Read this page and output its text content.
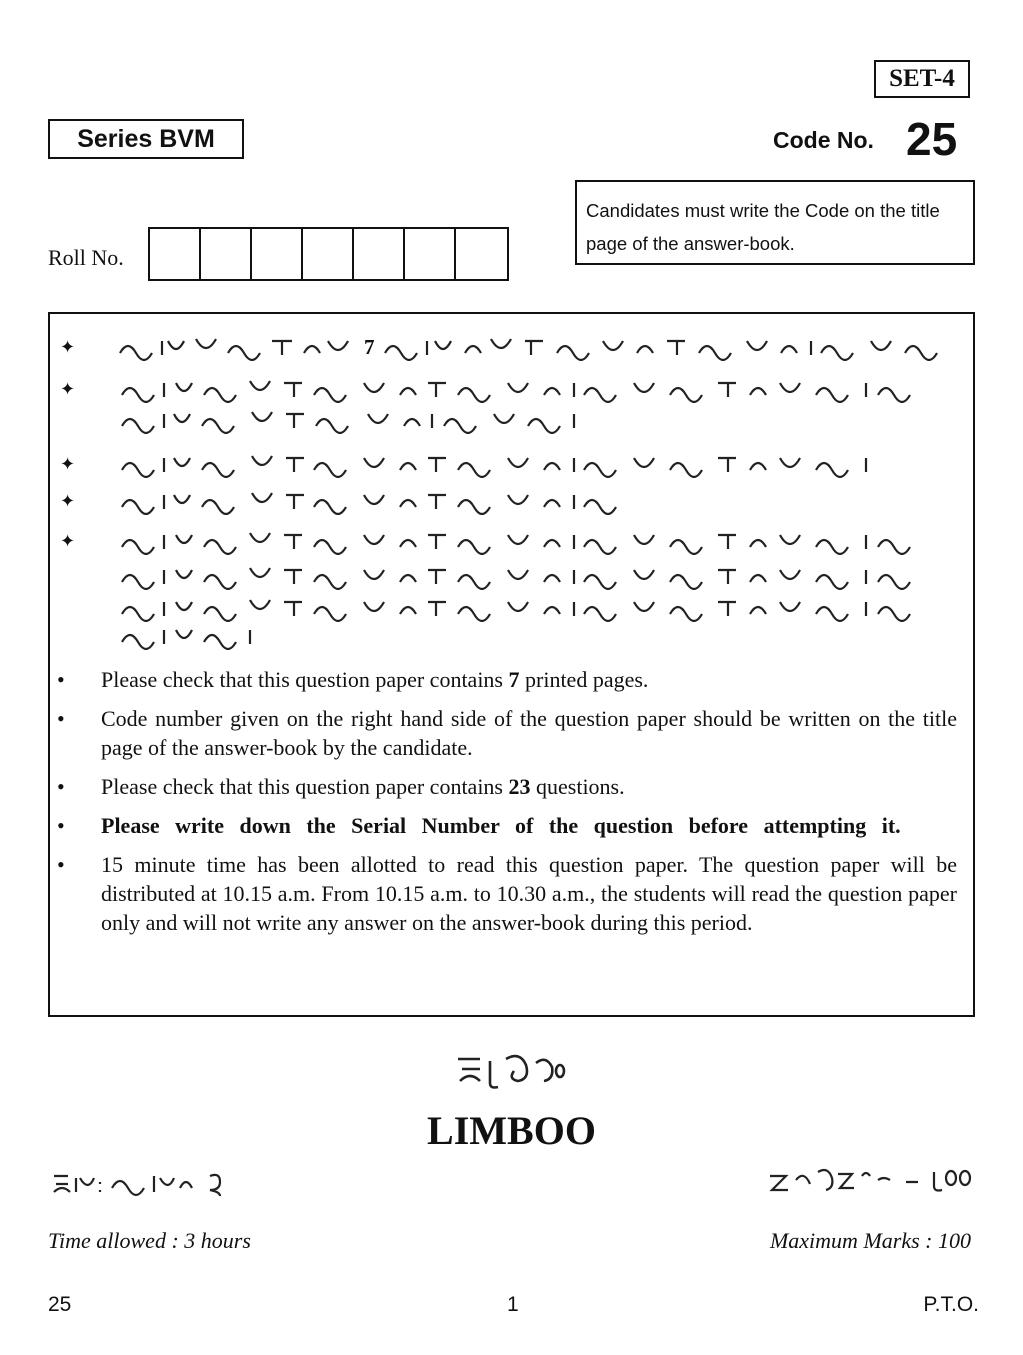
SET-4
Series BVM	Code No. 25
Candidates must write the Code on the title page of the answer-book.
Roll No.
✦	7
✦
✦
✦
✦
•	Please check that this question paper contains 7 printed pages.
•	Code number given on the right hand side of the question paper should be written on the title page of the answer-book by the candidate.
•	Please check that this question paper contains 23 questions.
•	Please write down the Serial Number of the question before attempting it.
•	15 minute time has been allotted to read this question paper. The question paper will be distributed at 10.15 a.m. From 10.15 a.m. to 10.30 a.m., the students will read the question paper only and will not write any answer on the answer-book during this period.
LIMBOO
Time allowed : 3 hours	Maximum Marks : 100
25	1	P.T.O.
